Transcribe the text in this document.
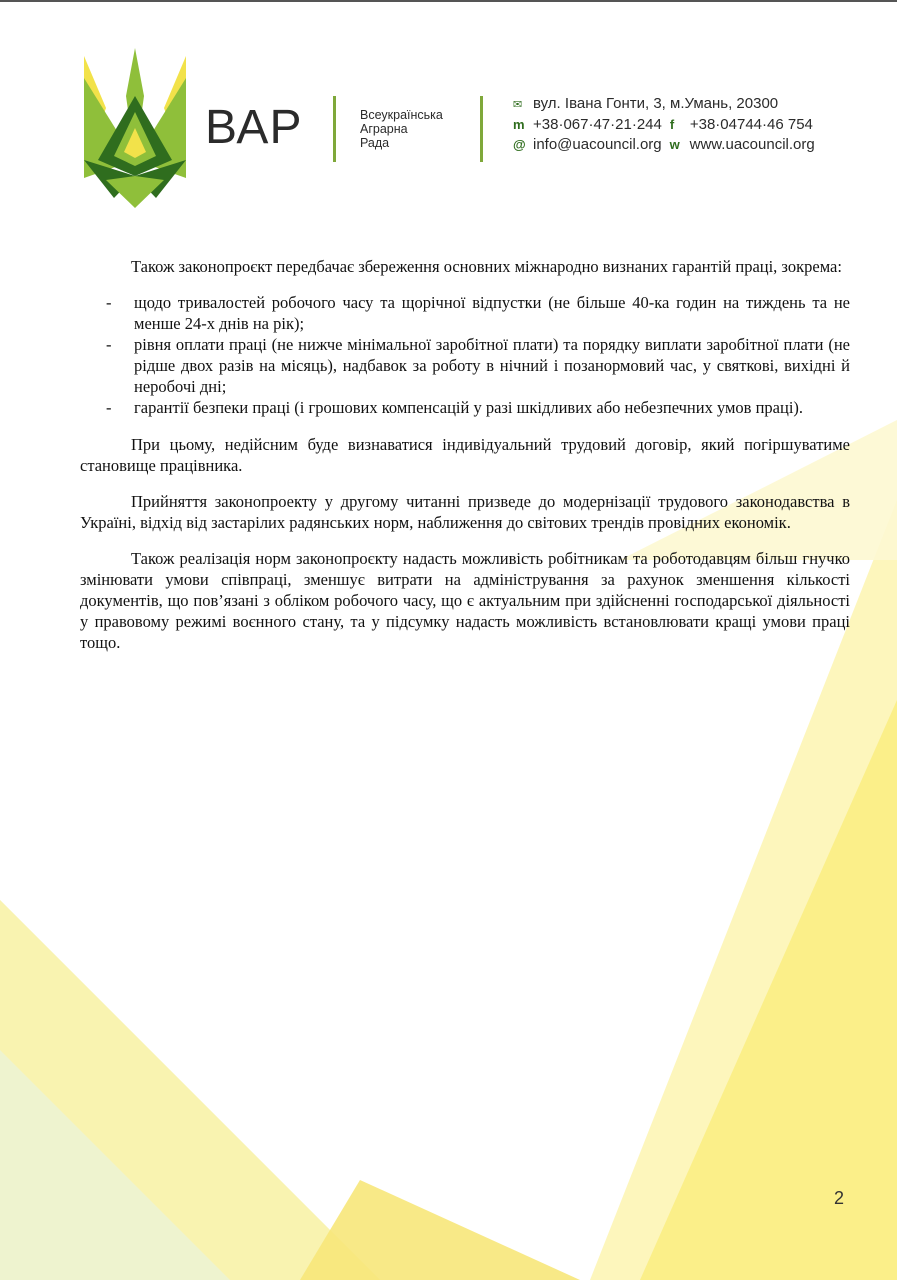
ВАР	Всеукраїнська
Аграрна
Рада
✉ вул. Івана Гонти, 3, м.Умань, 20300
m +38·067·47·21·244 f +38·04744·46 754
@ info@uacouncil.org w www.uacouncil.org

Також законопроєкт передбачає збереження основних міжнародно визнаних гарантій праці, зокрема:

- щодо тривалостей робочого часу та щорічної відпустки (не більше 40-ка годин на тиждень та не менше 24-х днів на рік);
- рівня оплати праці (не нижче мінімальної заробітної плати) та порядку виплати заробітної плати (не рідше двох разів на місяць), надбавок за роботу в нічний і позанормовий час, у святкові, вихідні й неробочі дні;
- гарантії безпеки праці (і грошових компенсацій у разі шкідливих або небезпечних умов праці).

При цьому, недійсним буде визнаватися індивідуальний трудовий договір, який погіршуватиме становище працівника.

Прийняття законопроекту у другому читанні призведе до модернізації трудового законодавства в Україні, відхід від застарілих радянських норм, наближення до світових трендів провідних економік.

Також реалізація норм законопроєкту надасть можливість робітникам та роботодавцям більш гнучко змінювати умови співпраці, зменшує витрати на адміністрування за рахунок зменшення кількості документів, що пов’язані з обліком робочого часу, що є актуальним при здійсненні господарської діяльності у правовому режимі воєнного стану, та у підсумку надасть можливість встановлювати кращі умови праці тощо.

2
